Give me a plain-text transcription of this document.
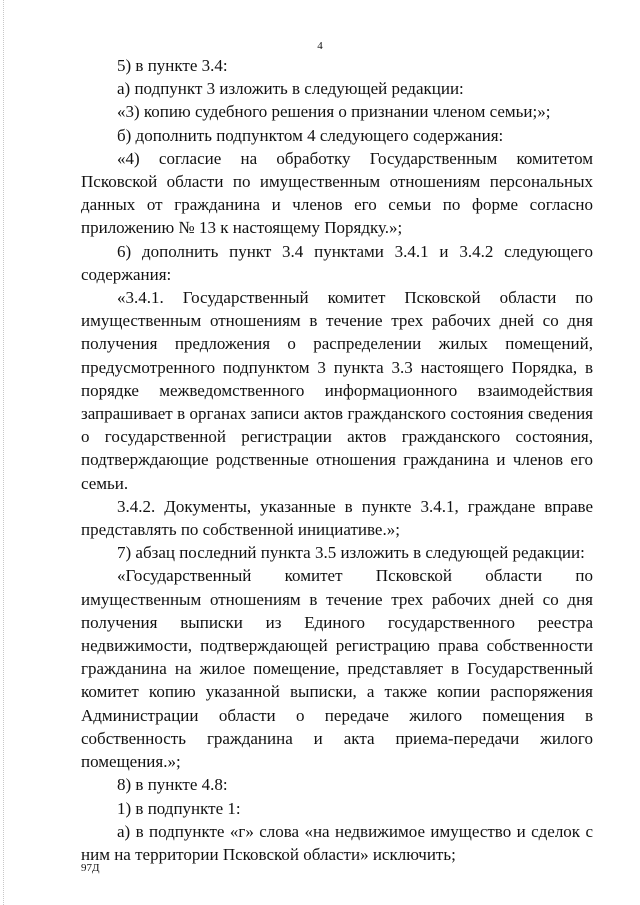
4

5) в пункте 3.4:

а) подпункт 3 изложить в следующей редакции:

«3) копию судебного решения о признании членом семьи;»;

б) дополнить подпунктом 4 следующего содержания:

«4) согласие на обработку Государственным комитетом Псковской области по имущественным отношениям персональных данных от гражданина и членов его семьи по форме согласно приложению № 13 к настоящему Порядку.»;

6) дополнить пункт 3.4 пунктами 3.4.1 и 3.4.2 следующего содержания:

«3.4.1. Государственный комитет Псковской области по имущественным отношениям в течение трех рабочих дней со дня получения предложения о распределении жилых помещений, предусмотренного подпунктом 3 пункта 3.3 настоящего Порядка, в порядке межведомственного информационного взаимодействия запрашивает в органах записи актов гражданского состояния сведения о государственной регистрации актов гражданского состояния, подтверждающие родственные отношения гражданина и членов его семьи.

3.4.2. Документы, указанные в пункте 3.4.1, граждане вправе представлять по собственной инициативе.»;

7) абзац последний пункта 3.5 изложить в следующей редакции:

«Государственный комитет Псковской области по имущественным отношениям в течение трех рабочих дней со дня получения выписки из Единого государственного реестра недвижимости, подтверждающей регистрацию права собственности гражданина на жилое помещение, представляет в Государственный комитет копию указанной выписки, а также копии распоряжения Администрации области о передаче жилого помещения в собственность гражданина и акта приема-передачи жилого помещения.»;

8) в пункте 4.8:

1) в подпункте 1:

а) в подпункте «г» слова «на недвижимое имущество и сделок с ним на территории Псковской области» исключить;

97Д
